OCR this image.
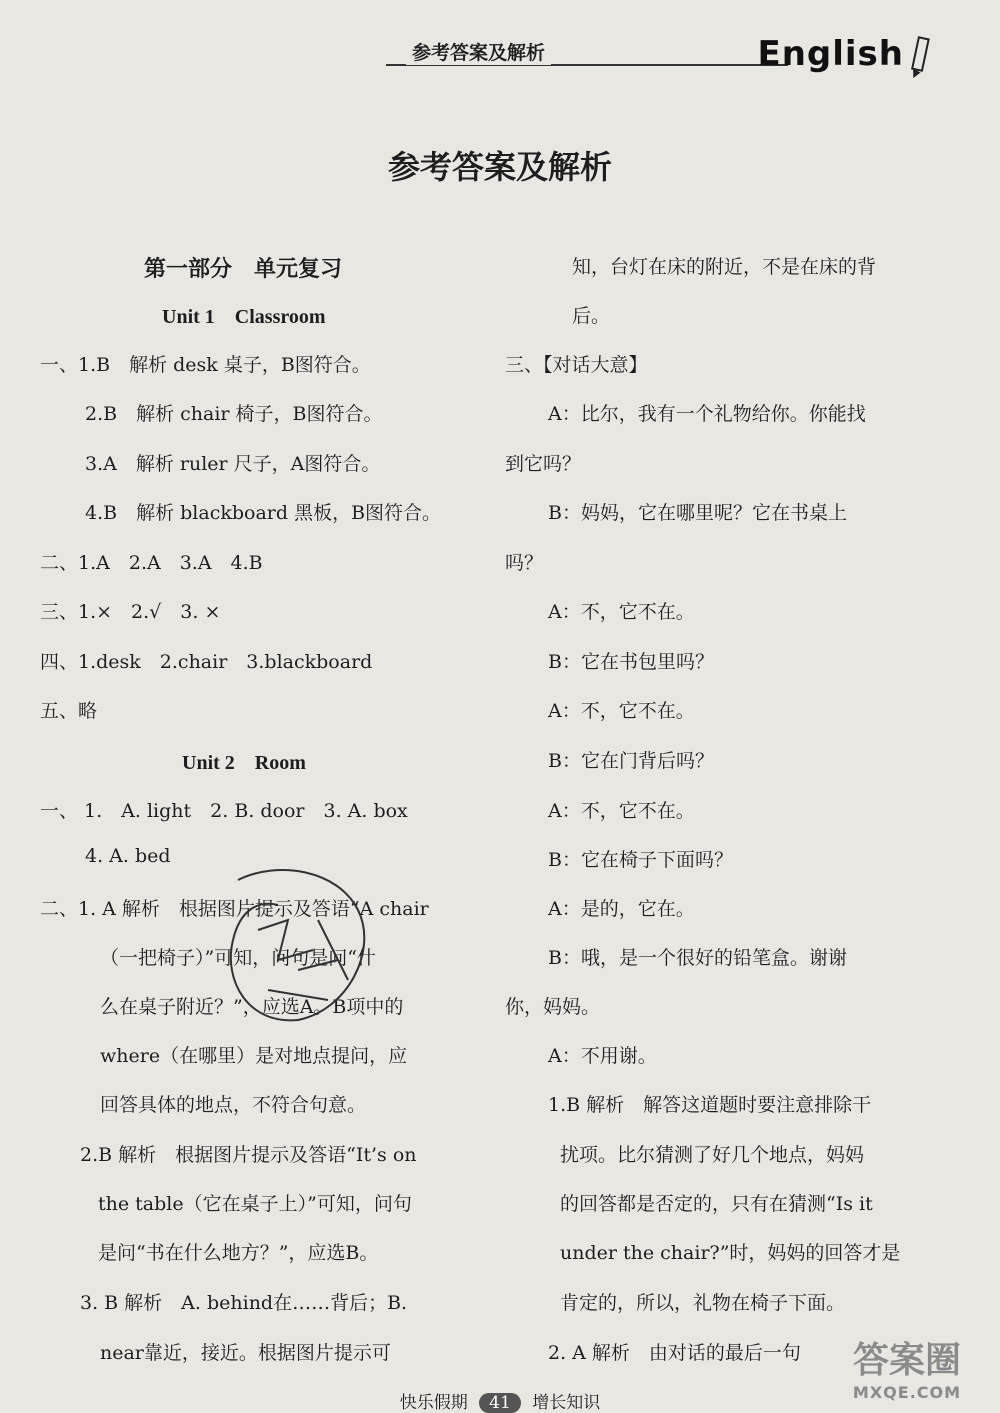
参考答案及解析	English
参考答案及解析
第一部分　单元复习
Unit 1　Classroom
一、1.B　解析 desk 桌子，B图符合。
2.B　解析 chair 椅子，B图符合。
3.A　解析 ruler 尺子，A图符合。
4.B　解析 blackboard 黑板，B图符合。
二、1.A　2.A　3.A　4.B
三、1.×　2.√　3. ×
四、1.desk　2.chair　3.blackboard
五、略
Unit 2　Room
一、 1.　A. light　2. B. door　3. A. box
4. A. bed
二、1. A 解析　根据图片提示及答语“A chair
（一把椅子）”可知，问句是问“什
么在桌子附近？”，应选A。B项中的
where（在哪里）是对地点提问，应
回答具体的地点，不符合句意。
2.B 解析　根据图片提示及答语“It’s on
the table（它在桌子上）”可知，问句
是问“书在什么地方？”，应选B。
3. B 解析　A. behind在……背后；B.
near靠近，接近。根据图片提示可
知，台灯在床的附近，不是在床的背
后。
三、【对话大意】
A：比尔，我有一个礼物给你。你能找
到它吗？
B：妈妈，它在哪里呢？它在书桌上
吗？
A：不，它不在。
B：它在书包里吗？
A：不，它不在。
B：它在门背后吗？
A：不，它不在。
B：它在椅子下面吗？
A：是的，它在。
B：哦，是一个很好的铅笔盒。谢谢
你，妈妈。
A：不用谢。
1.B 解析　解答这道题时要注意排除干
扰项。比尔猜测了好几个地点，妈妈
的回答都是否定的，只有在猜测“Is it
under the chair?”时，妈妈的回答才是
肯定的，所以，礼物在椅子下面。
2. A 解析　由对话的最后一句
快乐假期 41 增长知识
答案圈
MXQE.COM
